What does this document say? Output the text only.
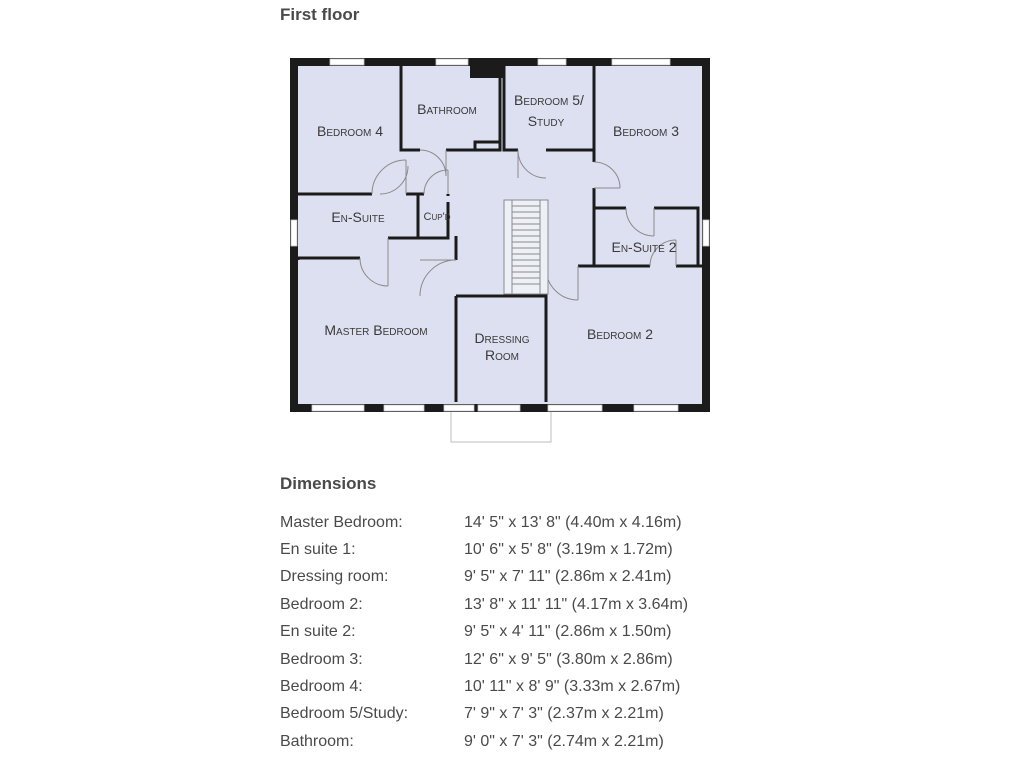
First floor
Bedroom 4
Bathroom
Bedroom 5/
Study
Bedroom 3
En-Suite	Cup'd
En-Suite 2
Master Bedroom	Dressing
Room
Bedroom 2
Dimensions
Master Bedroom:	14' 5" x 13' 8" (4.40m x 4.16m)
En suite 1:	10' 6" x 5' 8" (3.19m x 1.72m)
Dressing room:	9' 5" x 7' 11" (2.86m x 2.41m)
Bedroom 2:	13' 8" x 11' 11" (4.17m x 3.64m)
En suite 2:	9' 5" x 4' 11" (2.86m x 1.50m)
Bedroom 3:	12' 6" x 9' 5" (3.80m x 2.86m)
Bedroom 4:	10' 11" x 8' 9" (3.33m x 2.67m)
Bedroom 5/Study:	7' 9" x 7' 3" (2.37m x 2.21m)
Bathroom:	9' 0" x 7' 3" (2.74m x 2.21m)
